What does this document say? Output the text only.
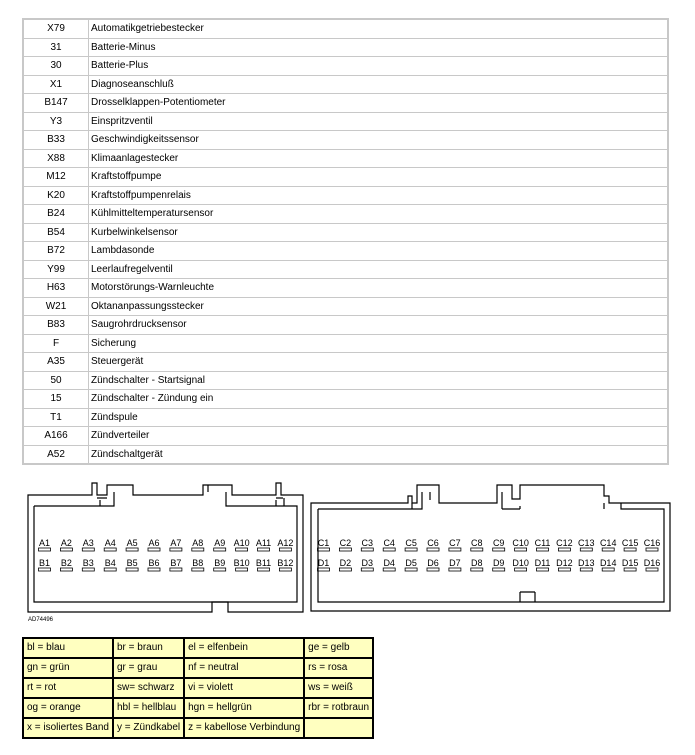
X79	Automatikgetriebestecker
31	Batterie-Minus
30	Batterie-Plus
X1	Diagnoseanschluß
B147	Drosselklappen-Potentiometer
Y3	Einspritzventil
B33	Geschwindigkeitssensor
X88	Klimaanlagestecker
M12	Kraftstoffpumpe
K20	Kraftstoffpumpenrelais
B24	Kühlmitteltemperatursensor
B54	Kurbelwinkelsensor
B72	Lambdasonde
Y99	Leerlaufregelventil
H63	Motorstörungs-Warnleuchte
W21	Oktananpassungsstecker
B83	Saugrohrdrucksensor
F	Sicherung
A35	Steuergerät
50	Zündschalter - Startsignal
15	Zündschalter - Zündung ein
T1	Zündspule
A166	Zündverteiler
A52	Zündschaltgerät
A1 A2 A3 A4 A5 A6 A7 A8 A9 A10 A11 A12
B1 B2 B3 B4 B5 B6 B7 B8 B9 B10 B11 B12
C1 C2 C3 C4 C5 C6 C7 C8 C9 C10 C11 C12 C13 C14 C15 C16
D1 D2 D3 D4 D5 D6 D7 D8 D9 D10 D11 D12 D13 D14 D15 D16
AD74496
bl = blau	br = braun	el = elfenbein	ge = gelb
gn = grün	gr = grau	nf = neutral	rs = rosa
rt = rot	sw= schwarz	vi = violett	ws = weiß
og = orange	hbl = hellblau	hgn = hellgrün	rbr = rotbraun
x = isoliertes Band	y = Zündkabel	z = kabellose Verbindung	
